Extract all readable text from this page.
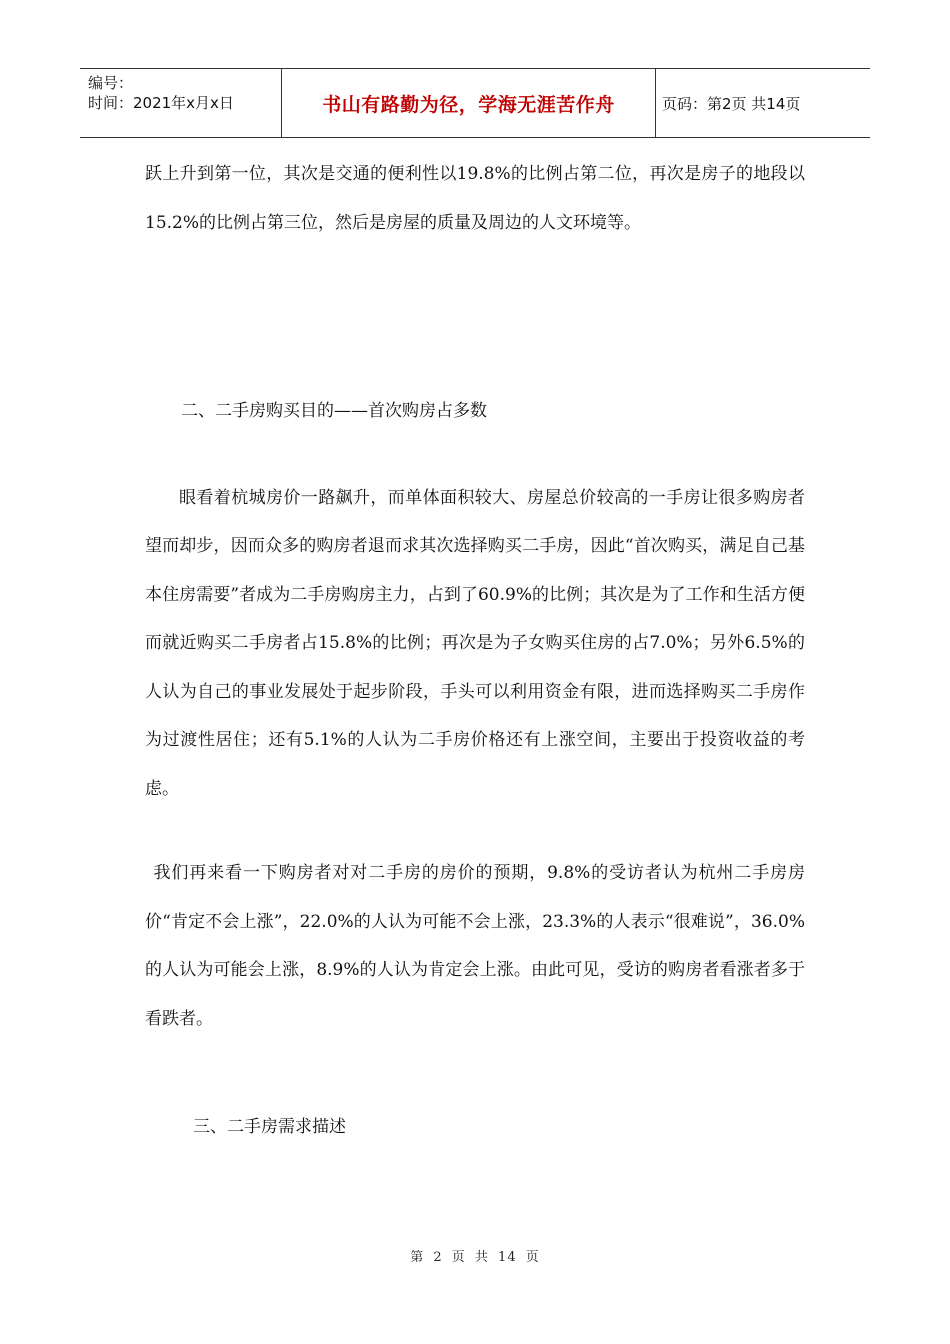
编号：
时间：2021年x月x日	书山有路勤为径，学海无涯苦作舟	页码：第2页 共14页

跃上升到第一位，其次是交通的便利性以19.8%的比例占第二位，再次是房子的地段以15.2%的比例占第三位，然后是房屋的质量及周边的人文环境等。

二、二手房购买目的——首次购房占多数

眼看着杭城房价一路飙升，而单体面积较大、房屋总价较高的一手房让很多购房者望而却步，因而众多的购房者退而求其次选择购买二手房，因此“首次购买，满足自己基本住房需要”者成为二手房购房主力，占到了60.9%的比例；其次是为了工作和生活方便而就近购买二手房者占15.8%的比例；再次是为子女购买住房的占7.0%；另外6.5%的人认为自己的事业发展处于起步阶段，手头可以利用资金有限，进而选择购买二手房作为过渡性居住；还有5.1%的人认为二手房价格还有上涨空间，主要出于投资收益的考虑。

我们再来看一下购房者对对二手房的房价的预期，9.8%的受访者认为杭州二手房房价“肯定不会上涨”，22.0%的人认为可能不会上涨，23.3%的人表示“很难说”，36.0%的人认为可能会上涨，8.9%的人认为肯定会上涨。由此可见，受访的购房者看涨者多于看跌者。

三、二手房需求描述

第 2 页 共 14 页
